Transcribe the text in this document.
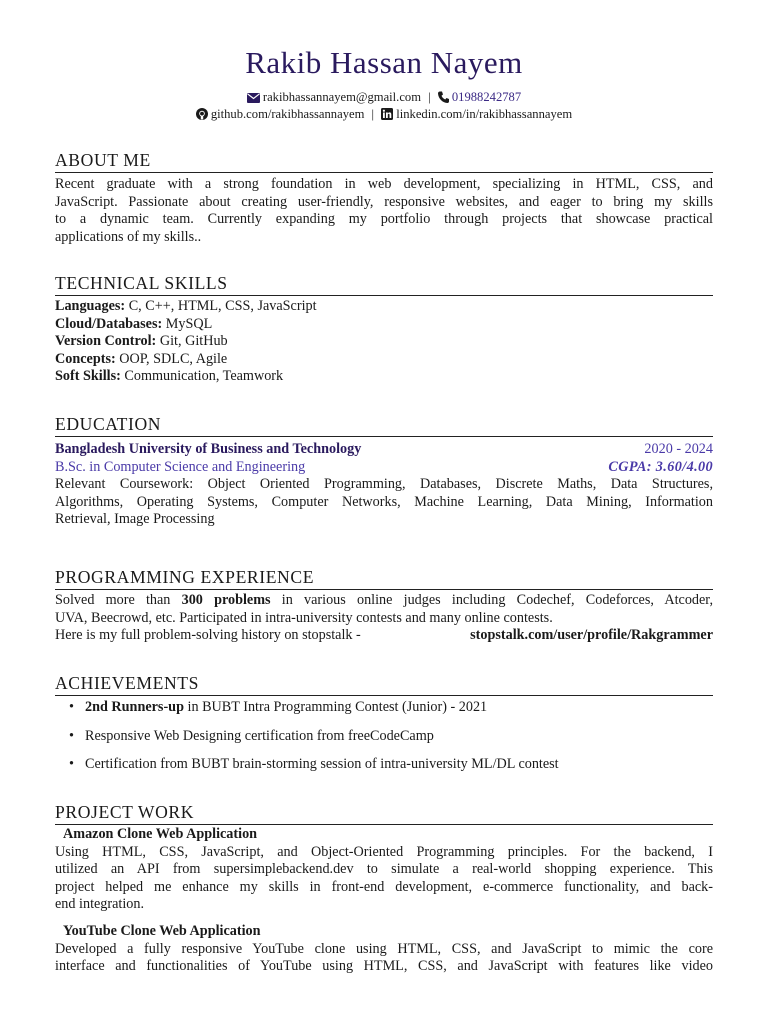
Rakib Hassan Nayem
rakibhassannayem@gmail.com | 01988242787
github.com/rakibhassannayem | linkedin.com/in/rakibhassannayem
ABOUT ME
Recent graduate with a strong foundation in web development, specializing in HTML, CSS, and
JavaScript. Passionate about creating user-friendly, responsive websites, and eager to bring my skills
to a dynamic team. Currently expanding my portfolio through projects that showcase practical
applications of my skills..
TECHNICAL SKILLS
Languages: C, C++, HTML, CSS, JavaScript
Cloud/Databases: MySQL
Version Control: Git, GitHub
Concepts: OOP, SDLC, Agile
Soft Skills: Communication, Teamwork
EDUCATION
Bangladesh University of Business and Technology	2020 - 2024
B.Sc. in Computer Science and Engineering	CGPA: 3.60/4.00
Relevant Coursework: Object Oriented Programming, Databases, Discrete Maths, Data Structures,
Algorithms, Operating Systems, Computer Networks, Machine Learning, Data Mining, Information
Retrieval, Image Processing
PROGRAMMING EXPERIENCE
Solved more than 300 problems in various online judges including Codechef, Codeforces, Atcoder,
UVA, Beecrowd, etc. Participated in intra-university contests and many online contests.
Here is my full problem-solving history on stopstalk -	stopstalk.com/user/profile/Rakgrammer
ACHIEVEMENTS
• 2nd Runners-up in BUBT Intra Programming Contest (Junior) - 2021
• Responsive Web Designing certification from freeCodeCamp
• Certification from BUBT brain-storming session of intra-university ML/DL contest
PROJECT WORK
Amazon Clone Web Application
Using HTML, CSS, JavaScript, and Object-Oriented Programming principles. For the backend, I
utilized an API from supersimplebackend.dev to simulate a real-world shopping experience. This
project helped me enhance my skills in front-end development, e-commerce functionality, and back-
end integration.
YouTube Clone Web Application
Developed a fully responsive YouTube clone using HTML, CSS, and JavaScript to mimic the core
interface and functionalities of YouTube using HTML, CSS, and JavaScript with features like video
